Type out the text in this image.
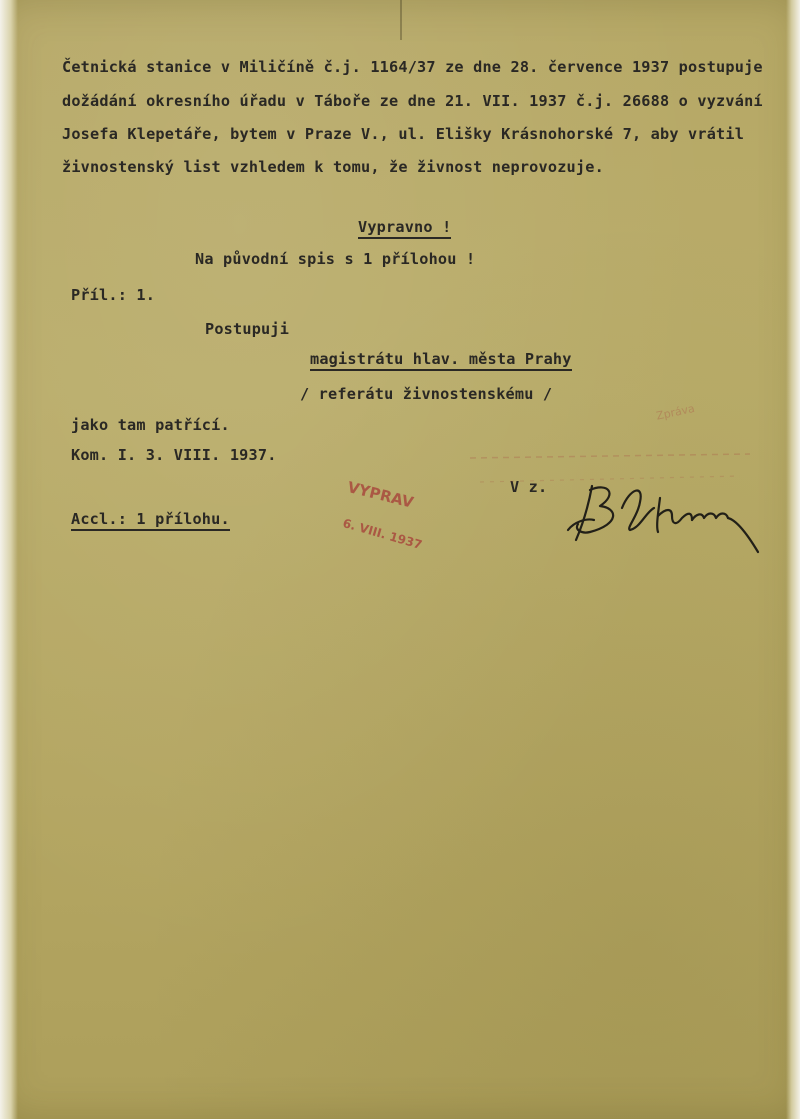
Četnická stanice v Miličíně č.j. 1164/37 ze dne 28. července 1937 postupuje
dožádání okresního úřadu v Táboře ze dne 21. VII. 1937 č.j. 26688 o vyzvání
Josefa Klepetáře, bytem v Praze V., ul. Elišky Krásnohorské 7, aby vrátil
živnostenský list vzhledem k tomu, že živnost neprovozuje.
Vypravno !
Na původní spis s 1 přílohou !
Příl.: 1.
Postupuji
magistrátu hlav. města Prahy
/ referátu živnostenskému /
jako tam patřící.
Kom. I. 3. VIII. 1937.
V z.
Accl.: 1 přílohu.
VYPRAV
6. VIII. 1937
Zpráva
